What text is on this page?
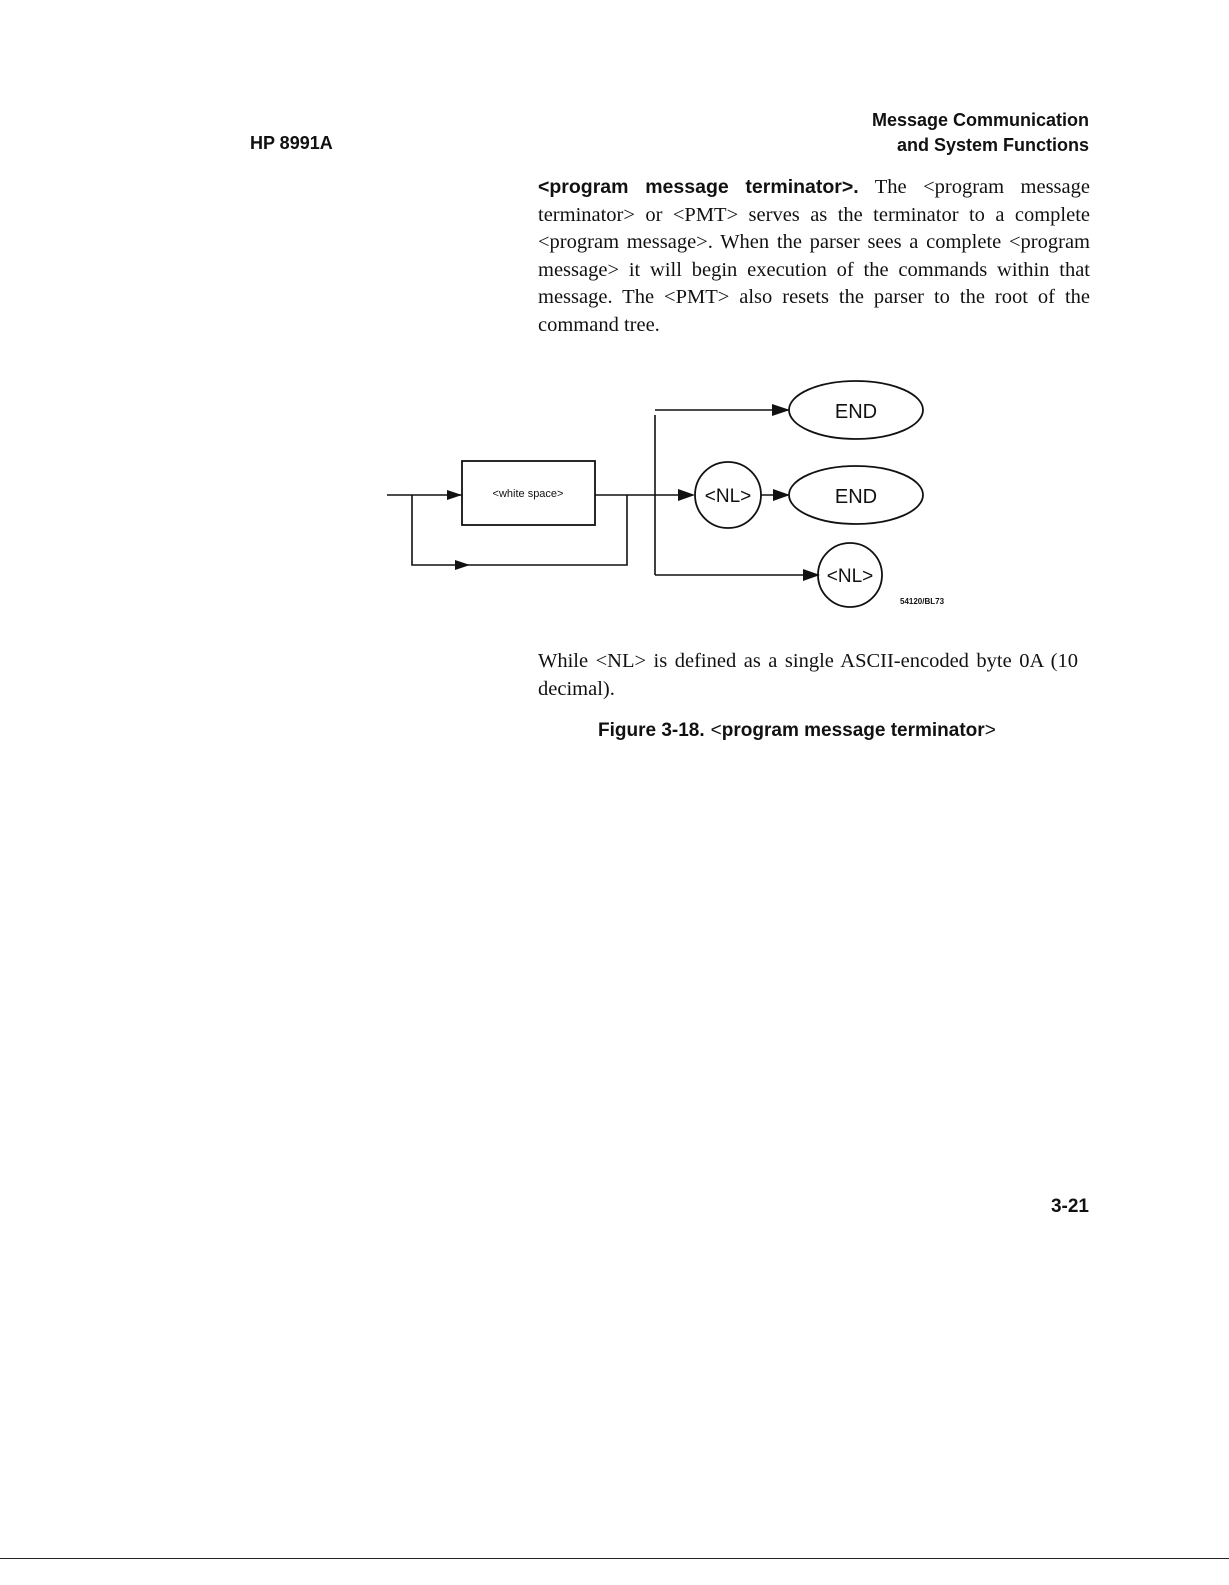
HP 8991A
Message Communication
and System Functions
<program message terminator>. The <program message terminator> or <PMT> serves as the terminator to a complete <program message>. When the parser sees a complete <program message> it will begin execution of the commands within that message. The <PMT> also resets the parser to the root of the command tree.
<white space>
END
<NL>	END
<NL>
54120/BL73
While <NL> is defined as a single ASCII-encoded byte 0A (10 decimal).
Figure 3-18. <program message terminator>
3-21
